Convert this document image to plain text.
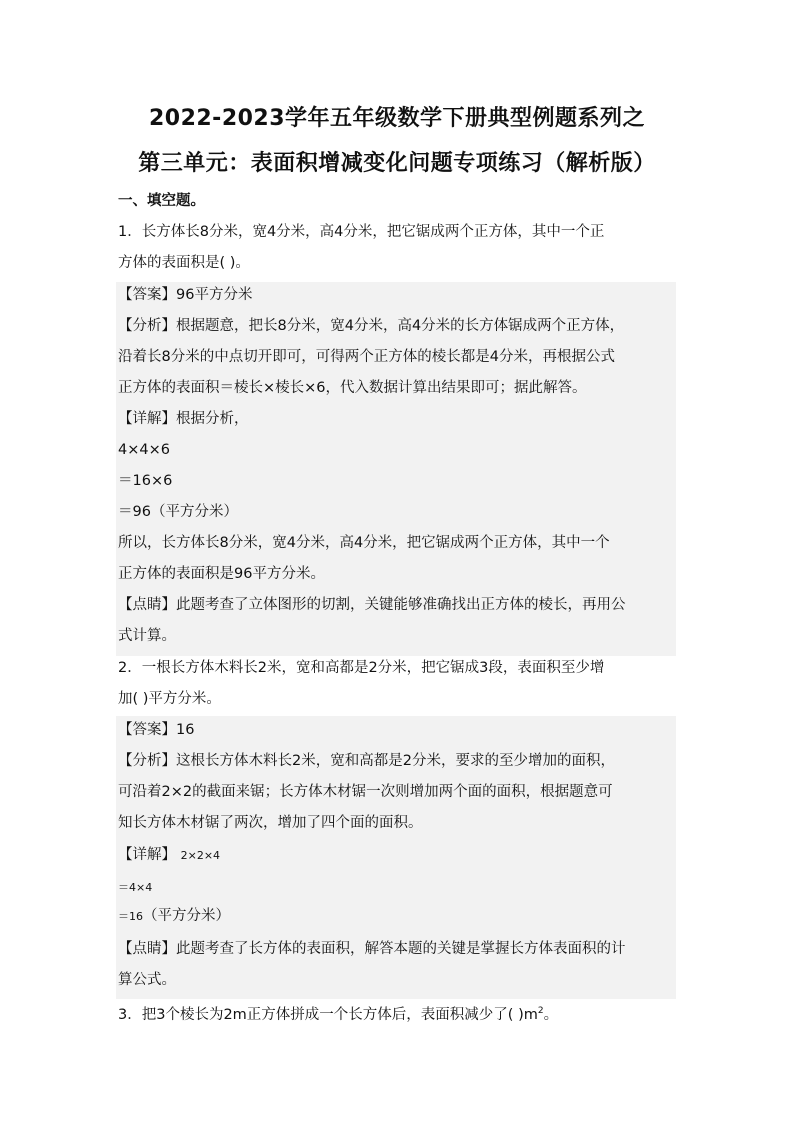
2022-2023学年五年级数学下册典型例题系列之
第三单元：表面积增减变化问题专项练习（解析版）
一、填空题。
1．长方体长8分米，宽4分米，高4分米，把它锯成两个正方体，其中一个正
方体的表面积是( )。
【答案】96平方分米
【分析】根据题意，把长8分米，宽4分米，高4分米的长方体锯成两个正方体，
沿着长8分米的中点切开即可，可得两个正方体的棱长都是4分米，再根据公式
正方体的表面积＝棱长×棱长×6，代入数据计算出结果即可；据此解答。
【详解】根据分析，
4×4×6
＝16×6
＝96（平方分米）
所以，长方体长8分米，宽4分米，高4分米，把它锯成两个正方体，其中一个
正方体的表面积是96平方分米。
【点睛】此题考查了立体图形的切割，关键能够准确找出正方体的棱长，再用公
式计算。
2．一根长方体木料长2米，宽和高都是2分米，把它锯成3段，表面积至少增
加( )平方分米。
【答案】16
【分析】这根长方体木料长2米，宽和高都是2分米，要求的至少增加的面积，
可沿着2×2的截面来锯；长方体木材锯一次则增加两个面的面积，根据题意可
知长方体木材锯了两次，增加了四个面的面积。
【详解】 2×2×4
＝4×4
＝16（平方分米）
【点睛】此题考查了长方体的表面积，解答本题的关键是掌握长方体表面积的计
算公式。
3．把3个棱长为2m正方体拼成一个长方体后，表面积减少了( )$m^2$。
